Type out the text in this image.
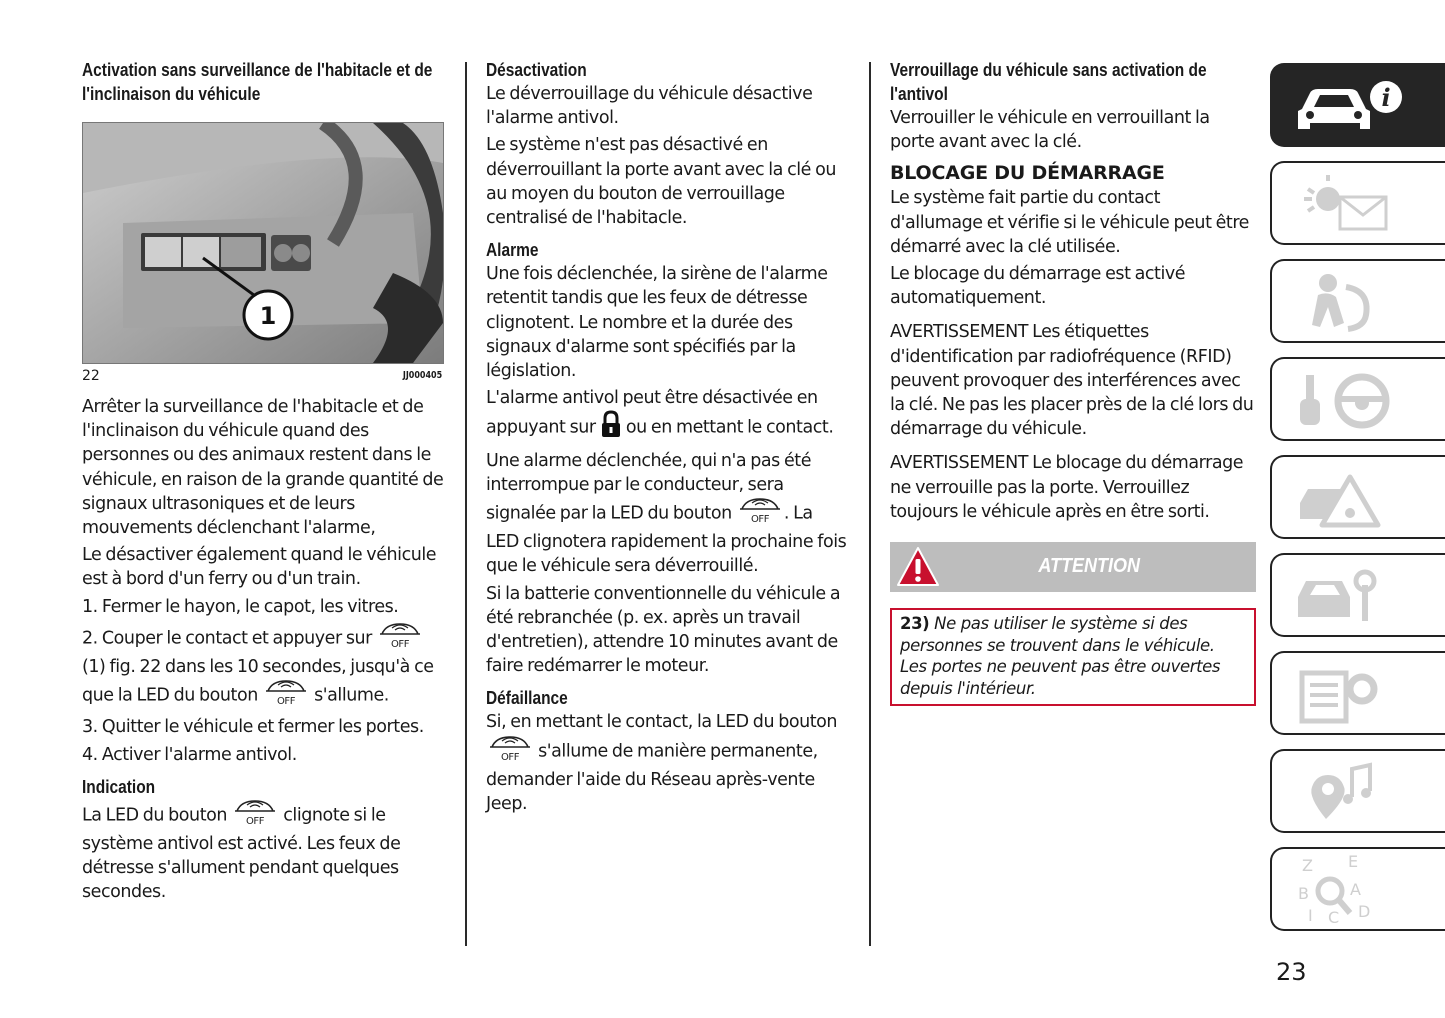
Activation sans surveillance de l'habitacle et de l'inclinaison du véhicule

1
22	JJ000405

Arrêter la surveillance de l'habitacle et de l'inclinaison du véhicule quand des personnes ou des animaux restent dans le véhicule, en raison de la grande quantité de signaux ultrasoniques et de leurs mouvements déclenchant l'alarme,

Le désactiver également quand le véhicule est à bord d'un ferry ou d'un train.

1. Fermer le hayon, le capot, les vitres.

2. Couper le contact et appuyer sur OFF
(1) fig. 22 dans les 10 secondes, jusqu'à ce que la LED du bouton OFF s'allume.

3. Quitter le véhicule et fermer les portes.

4. Activer l'alarme antivol.

Indication

La LED du bouton OFF clignote si le système antivol est activé. Les feux de détresse s'allument pendant quelques secondes.

Désactivation

Le déverrouillage du véhicule désactive l'alarme antivol.

Le système n'est pas désactivé en déverrouillant la porte avant avec la clé ou au moyen du bouton de verrouillage centralisé de l'habitacle.

Alarme

Une fois déclenchée, la sirène de l'alarme retentit tandis que les feux de détresse clignotent. Le nombre et la durée des signaux d'alarme sont spécifiés par la législation.

L'alarme antivol peut être désactivée en appuyant sur ou en mettant le contact.

Une alarme déclenchée, qui n'a pas été interrompue par le conducteur, sera signalée par la LED du bouton OFF . La LED clignotera rapidement la prochaine fois que le véhicule sera déverrouillé.

Si la batterie conventionnelle du véhicule a été rebranchée (p. ex. après un travail d'entretien), attendre 10 minutes avant de faire redémarrer le moteur.

Défaillance

Si, en mettant le contact, la LED du bouton
OFF s'allume de manière permanente, demander l'aide du Réseau après-vente Jeep.

Verrouillage du véhicule sans activation de l'antivol

Verrouiller le véhicule en verrouillant la porte avant avec la clé.

BLOCAGE DU DÉMARRAGE

Le système fait partie du contact d'allumage et vérifie si le véhicule peut être démarré avec la clé utilisée.

Le blocage du démarrage est activé automatiquement.

AVERTISSEMENT Les étiquettes d'identification par radiofréquence (RFID) peuvent provoquer des interférences avec la clé. Ne pas les placer près de la clé lors du démarrage du véhicule.

AVERTISSEMENT Le blocage du démarrage ne verrouille pas la porte. Verrouillez toujours le véhicule après en être sorti.

ATTENTION

23) Ne pas utiliser le système si des personnes se trouvent dans le véhicule. Les portes ne peuvent pas être ouvertes depuis l'intérieur.

i
Z E
B	A
I C D
23
